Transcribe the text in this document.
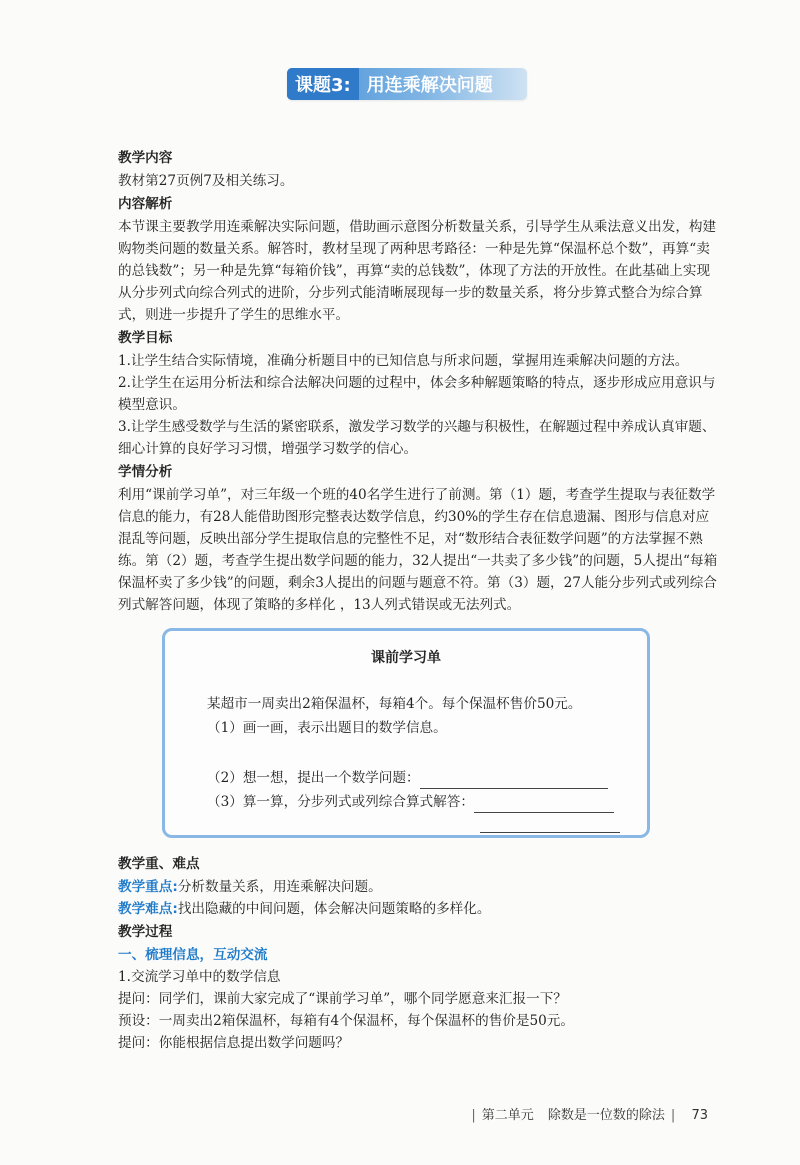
课题3: 用连乘解决问题

教学内容

教材第27页例7及相关练习。

内容解析

本节课主要教学用连乘解决实际问题，借助画示意图分析数量关系，引导学生从乘法意义出发，构建购物类问题的数量关系。解答时，教材呈现了两种思考路径：一种是先算“保温杯总个数”，再算“卖的总钱数”；另一种是先算“每箱价钱”，再算“卖的总钱数”，体现了方法的开放性。在此基础上实现从分步列式向综合列式的进阶，分步列式能清晰展现每一步的数量关系，将分步算式整合为综合算式，则进一步提升了学生的思维水平。

教学目标

1.让学生结合实际情境，准确分析题目中的已知信息与所求问题，掌握用连乘解决问题的方法。

2.让学生在运用分析法和综合法解决问题的过程中，体会多种解题策略的特点，逐步形成应用意识与模型意识。

3.让学生感受数学与生活的紧密联系，激发学习数学的兴趣与积极性，在解题过程中养成认真审题、细心计算的良好学习习惯，增强学习数学的信心。

学情分析

利用“课前学习单”，对三年级一个班的40名学生进行了前测。第（1）题，考查学生提取与表征数学信息的能力，有28人能借助图形完整表达数学信息，约30%的学生存在信息遗漏、图形与信息对应混乱等问题，反映出部分学生提取信息的完整性不足，对“数形结合表征数学问题”的方法掌握不熟练。第（2）题，考查学生提出数学问题的能力，32人提出“一共卖了多少钱”的问题，5人提出“每箱保温杯卖了多少钱”的问题，剩余3人提出的问题与题意不符。第（3）题，27人能分步列式或列综合列式解答问题，体现了策略的多样化 ，13人列式错误或无法列式。

课前学习单
某超市一周卖出2箱保温杯，每箱4个。每个保温杯售价50元。
（1）画一画，表示出题目的数学信息。
（2）想一想，提出一个数学问题：
（3）算一算，分步列式或列综合算式解答：

教学重、难点

教学重点:分析数量关系，用连乘解决问题。

教学难点:找出隐藏的中间问题，体会解决问题策略的多样化。

教学过程

一、梳理信息，互动交流

1.交流学习单中的数学信息

提问：同学们，课前大家完成了“课前学习单”，哪个同学愿意来汇报一下？

预设：一周卖出2箱保温杯，每箱有4个保温杯，每个保温杯的售价是50元。

提问：你能根据信息提出数学问题吗？

| 第二单元 除数是一位数的除法 | 73
